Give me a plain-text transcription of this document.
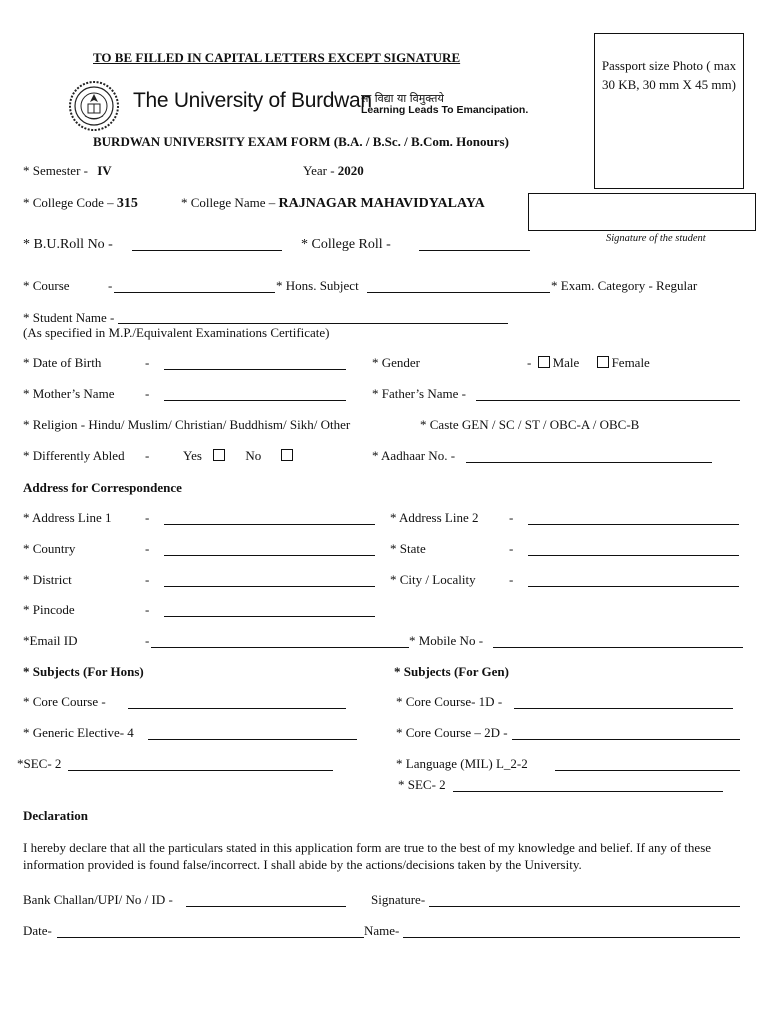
TO BE FILLED IN CAPITAL LETTERS EXCEPT SIGNATURE
The University of Burdwan
सा विद्या या विमुक्तये
Learning Leads To Emancipation.
BURDWAN UNIVERSITY EXAM FORM (B.A. / B.Sc. / B.Com. Honours)
Passport size Photo ( max 30 KB, 30 mm X 45 mm)
Signature of the student
* Semester - IV	Year - 2020
* College Code – 315	* College Name – RAJNAGAR MAHAVIDYALAYA
* B.U.Roll No -	* College Roll -
* Course	-	* Hons. Subject	* Exam. Category - Regular
* Student Name -
(As specified in M.P./Equivalent Examinations Certificate)
* Date of Birth	-	* Gender	- Male Female
* Mother’s Name -	* Father’s Name -
* Religion - Hindu/ Muslim/ Christian/ Buddhism/ Sikh/ Other	* Caste GEN / SC / ST / OBC-A / OBC-B
* Differently Abled -	Yes	No	* Aadhaar No. -
Address for Correspondence
* Address Line 1	-	* Address Line 2 -
* Country	-	* State	-
* District	-	* City / Locality	-
* Pincode	-
*Email ID	-	* Mobile No -
* Subjects (For Hons)	* Subjects (For Gen)
* Core Course -	* Core Course- 1D -
* Generic Elective- 4	* Core Course – 2D -
*SEC- 2	* Language (MIL) L_2-2
* SEC- 2
Declaration
I hereby declare that all the particulars stated in this application form are true to the best of my knowledge and belief. If any of these information provided is found false/incorrect. I shall abide by the actions/decisions taken by the University.
Bank Challan/UPI/ No / ID -	Signature-
Date-	Name-
